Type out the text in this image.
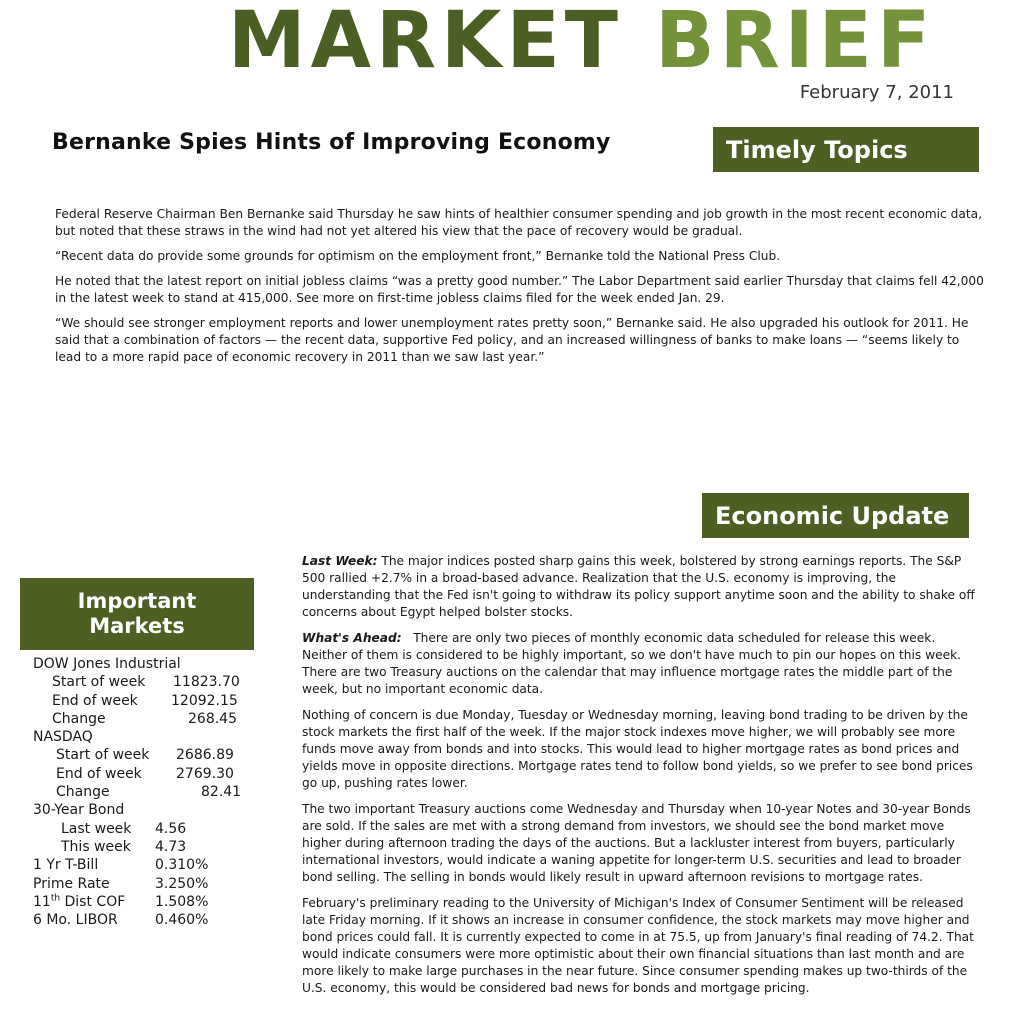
MARKET BRIEF
February 7, 2011
Bernanke Spies Hints of Improving Economy	Timely Topics

Federal Reserve Chairman Ben Bernanke said Thursday he saw hints of healthier consumer spending and job growth in the most recent economic data, but noted that these straws in the wind had not yet altered his view that the pace of recovery would be gradual.

“Recent data do provide some grounds for optimism on the employment front,” Bernanke told the National Press Club.

He noted that the latest report on initial jobless claims “was a pretty good number.” The Labor Department said earlier Thursday that claims fell 42,000 in the latest week to stand at 415,000. See more on first-time jobless claims filed for the week ended Jan. 29.

“We should see stronger employment reports and lower unemployment rates pretty soon,” Bernanke said. He also upgraded his outlook for 2011. He said that a combination of factors — the recent data, supportive Fed policy, and an increased willingness of banks to make loans — “seems likely to lead to a more rapid pace of economic recovery in 2011 than we saw last year.”

Economic Update
Important
Markets

Last Week: The major indices posted sharp gains this week, bolstered by strong earnings reports. The S&P 500 rallied +2.7% in a broad-based advance. Realization that the U.S. economy is improving, the understanding that the Fed isn't going to withdraw its policy support anytime soon and the ability to shake off concerns about Egypt helped bolster stocks.

What's Ahead:   There are only two pieces of monthly economic data scheduled for release this week. Neither of them is considered to be highly important, so we don't have much to pin our hopes on this week. There are two Treasury auctions on the calendar that may influence mortgage rates the middle part of the week, but no important economic data.

Nothing of concern is due Monday, Tuesday or Wednesday morning, leaving bond trading to be driven by the stock markets the first half of the week. If the major stock indexes move higher, we will probably see more funds move away from bonds and into stocks. This would lead to higher mortgage rates as bond prices and yields move in opposite directions. Mortgage rates tend to follow bond yields, so we prefer to see bond prices go up, pushing rates lower.

The two important Treasury auctions come Wednesday and Thursday when 10-year Notes and 30-year Bonds are sold. If the sales are met with a strong demand from investors, we should see the bond market move higher during afternoon trading the days of the auctions. But a lackluster interest from buyers, particularly international investors, would indicate a waning appetite for longer-term U.S. securities and lead to broader bond selling. The selling in bonds would likely result in upward afternoon revisions to mortgage rates.

February's preliminary reading to the University of Michigan's Index of Consumer Sentiment will be released late Friday morning. If it shows an increase in consumer confidence, the stock markets may move higher and bond prices could fall. It is currently expected to come in at 75.5, up from January's final reading of 74.2. That would indicate consumers were more optimistic about their own financial situations than last month and are more likely to make large purchases in the near future. Since consumer spending makes up two-thirds of the U.S. economy, this would be considered bad news for bonds and mortgage pricing.

DOW Jones Industrial
Start of week 11823.70
End of week 12092.15
Change	268.45
NASDAQ
Start of week 2686.89
End of week 2769.30
Change	82.41
30-Year Bond
Last week 4.56
This week 4.73
1 Yr T-Bill	0.310%
Prime Rate	3.250%
11th Dist COF 1.508%
6 Mo. LIBOR	0.460%
